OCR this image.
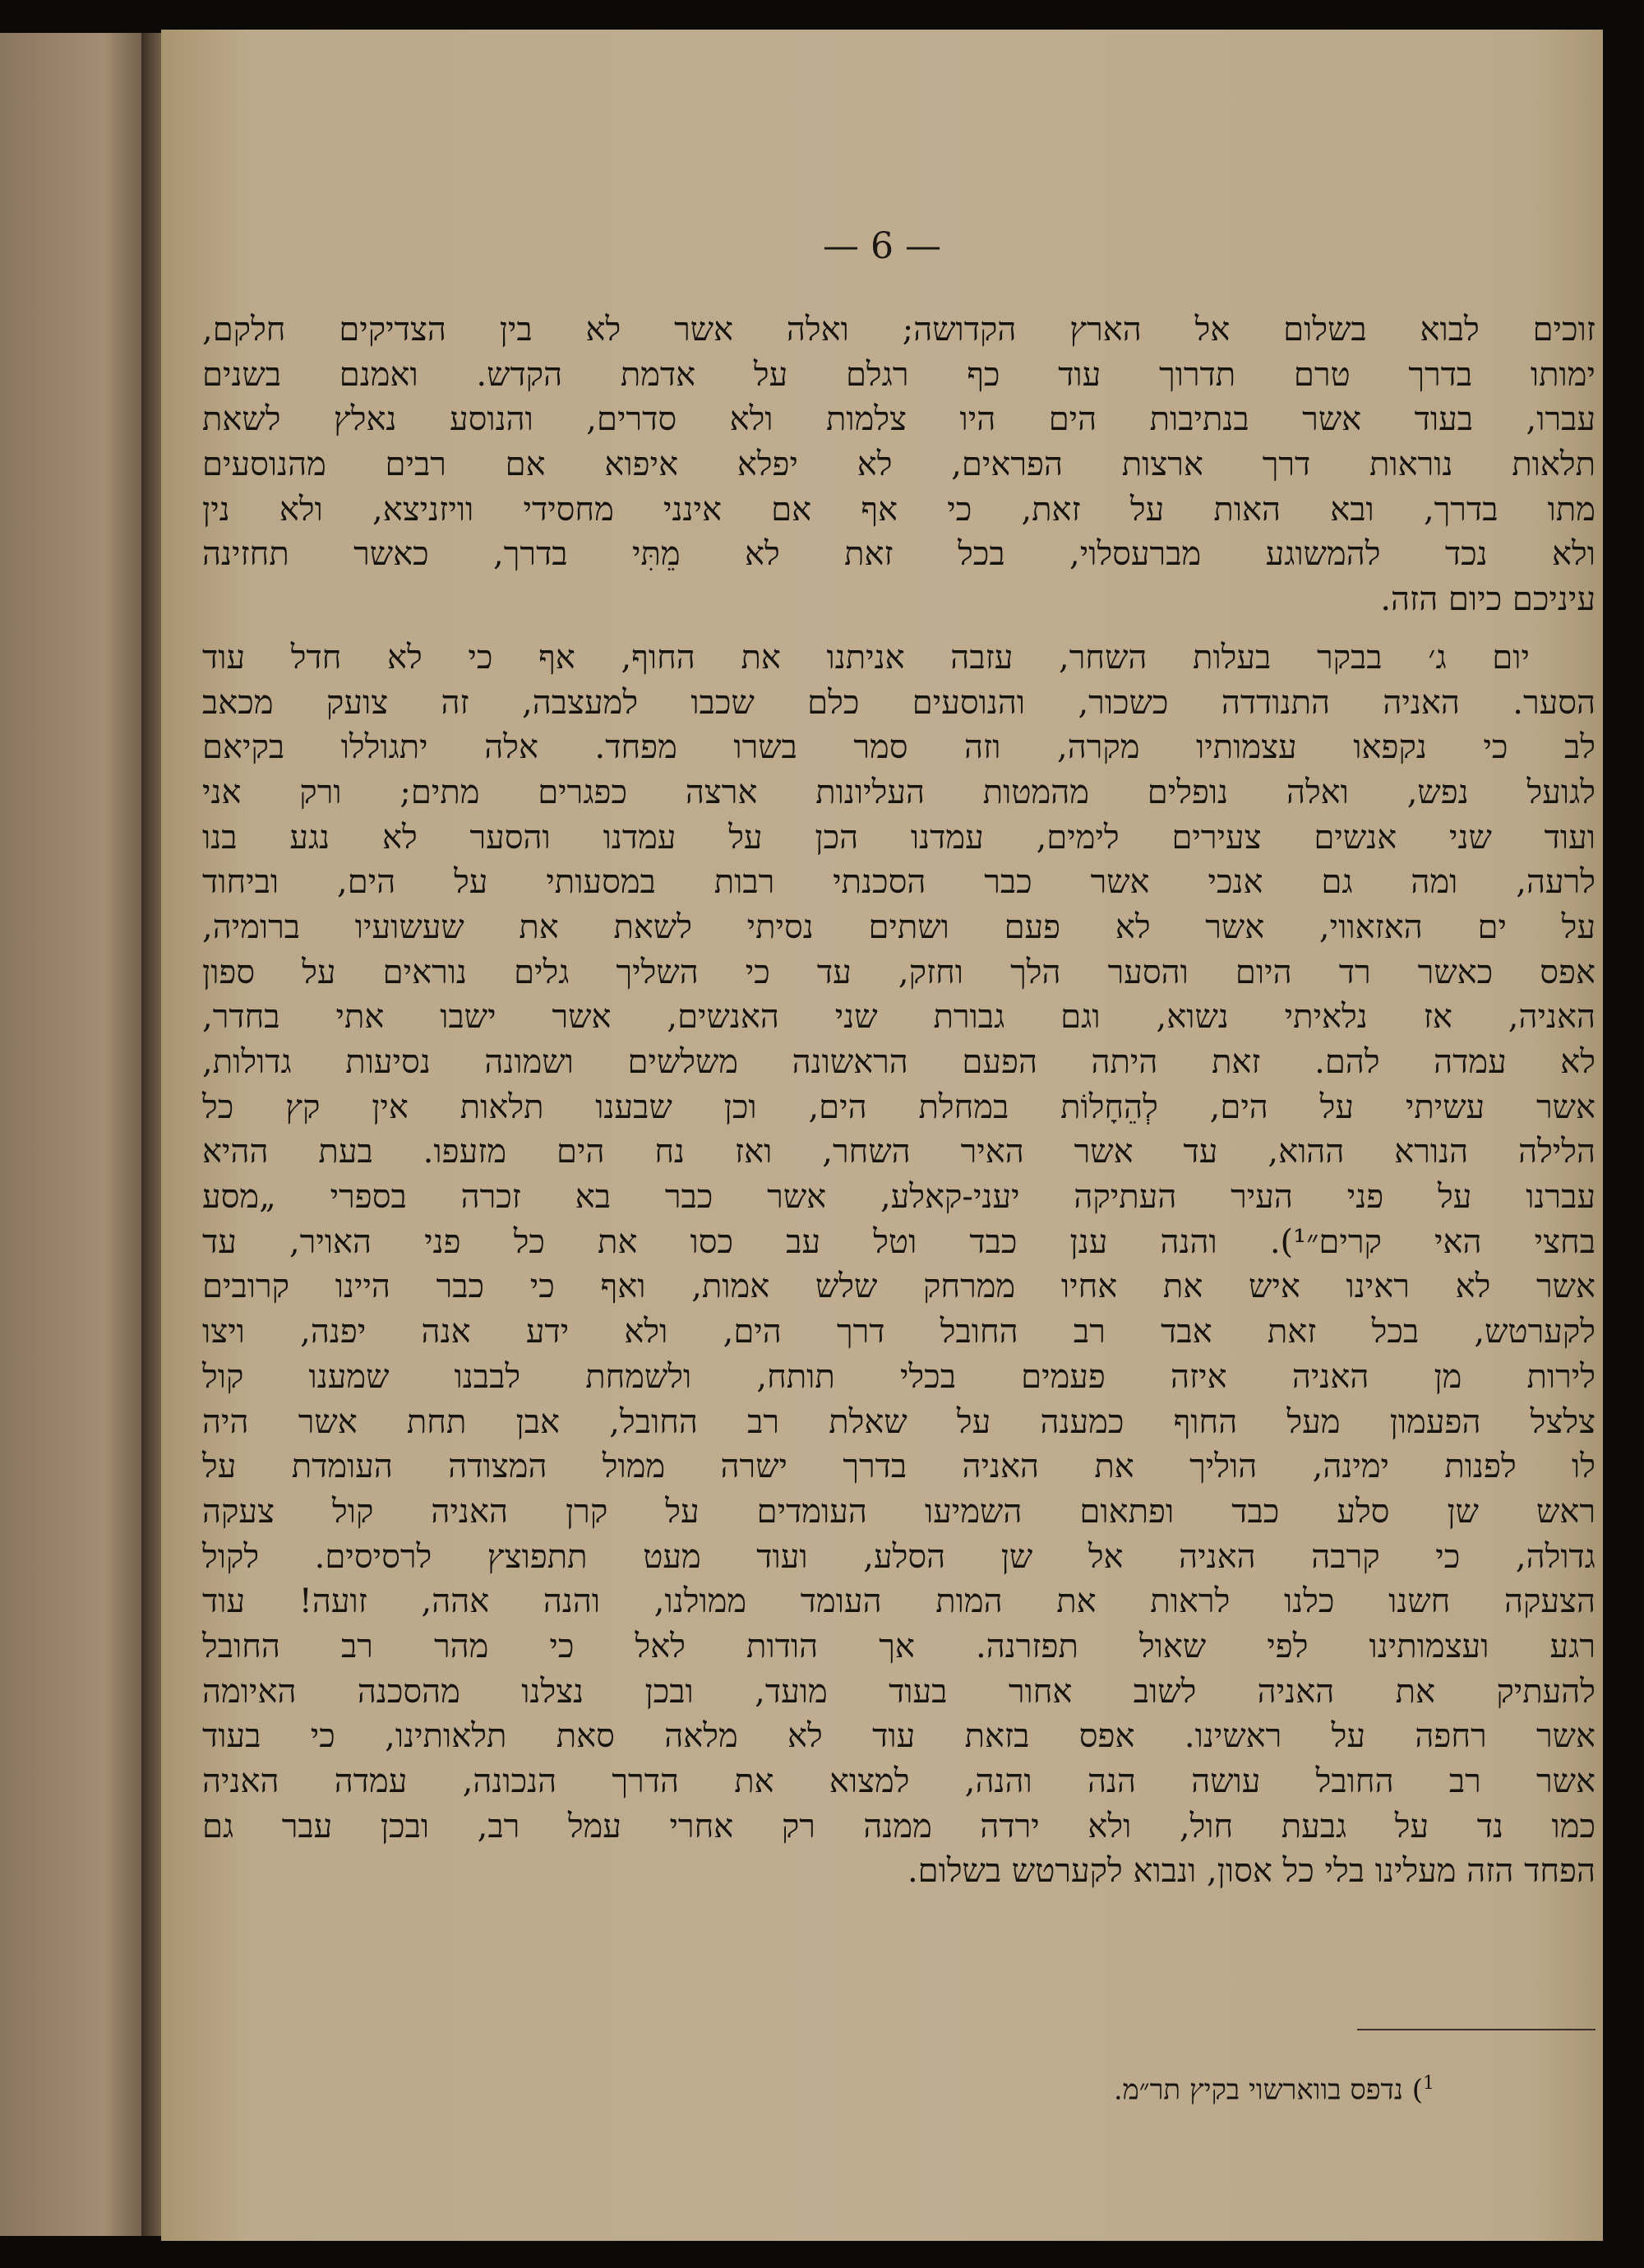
— 6 —
זוכים לבוא בשלום אל הארץ הקדושה; ואלה אשר לא בין הצדיקים חלקם,
ימותו בדרך טרם תדרוך עוד כף רגלם על אדמת הקדש. ואמנם בשנים
עברו, בעוד אשר בנתיבות הים היו צלמות ולא סדרים, והנוסע נאלץ לשאת
תלאות נוראות דרך ארצות הפראים, לא יפלא איפוא אם רבים מהנוסעים
מתו בדרך, ובא האות על זאת, כי אף אם אינני מחסידי וויזניצא, ולא נין
ולא נכד להמשוגע מברעסלוי, בכל זאת לא מֵתִּי בדרך, כאשר תחזינה
עיניכם כיום הזה.
יום ג׳ בבקר בעלות השחר, עזבה אניתנו את החוף, אף כי לא חדל עוד
הסער. האניה התנודדה כשכור, והנוסעים כלם שכבו למעצבה, זה צועק מכאב
לב כי נקפאו עצמותיו מקרה, וזה סמר בשרו מפחד. אלה יתגוללו בקיאם
לגועל נפש, ואלה נופלים מהמטות העליונות ארצה כפגרים מתים; ורק אני
ועוד שני אנשים צעירים לימים, עמדנו הכן על עמדנו והסער לא נגע בנו
לרעה, ומה גם אנכי אשר כבר הסכנתי רבות במסעותי על הים, וביחוד
על ים האזאווי, אשר לא פעם ושתים נסיתי לשאת את שעשועיו ברומיה,
אפס כאשר רד היום והסער הלך וחזק, עד כי השליך גלים נוראים על ספון
האניה, אז נלאיתי נשוא, וגם גבורת שני האנשים, אשר ישבו אתי בחדר,
לא עמדה להם. זאת היתה הפעם הראשונה משלשים ושמונה נסיעות גדולות,
אשר עשיתי על הים, לְהֵחָלוֹת במחלת הים, וכן שבענו תלאות אין קץ כל
הלילה הנורא ההוא, עד אשר האיר השחר, ואז נח הים מזעפו. בעת ההיא
עברנו על פני העיר העתיקה יעני-קאלע, אשר כבר בא זכרה בספרי „מסע
בחצי האי קרים״¹). והנה ענן כבד וטל עב כסו את כל פני האויר, עד
אשר לא ראינו איש את אחיו ממרחק שלש אמות, ואף כי כבר היינו קרובים
לקערטש, בכל זאת אבד רב החובל דרך הים, ולא ידע אנה יפנה, ויצו
לירות מן האניה איזה פעמים בכלי תותח, ולשמחת לבבנו שמענו קול
צלצל הפעמון מעל החוף כמענה על שאלת רב החובל, אבן תחת אשר היה
לו לפנות ימינה, הוליך את האניה בדרך ישרה ממול המצודה העומדת על
ראש שן סלע כבד ופתאום השמיעו העומדים על קרן האניה קול צעקה
גדולה, כי קרבה האניה אל שן הסלע, ועוד מעט תתפוצץ לרסיסים. לקול
הצעקה חשנו כלנו לראות את המות העומד ממולנו, והנה אהה, זועה! עוד
רגע ועצמותינו לפי שאול תפזרנה. אך הודות לאל כי מהר רב החובל
להעתיק את האניה לשוב אחור בעוד מועד, ובכן נצלנו מהסכנה האיומה
אשר רחפה על ראשינו. אפס בזאת עוד לא מלאה סאת תלאותינו, כי בעוד
אשר רב החובל עושה הנה והנה, למצוא את הדרך הנכונה, עמדה האניה
כמו נד על גבעת חול, ולא ירדה ממנה רק אחרי עמל רב, ובכן עבר גם
הפחד הזה מעלינו בלי כל אסון, ונבוא לקערטש בשלום.
$^1$) נדפס בווארשוי בקיץ תר״מ.
